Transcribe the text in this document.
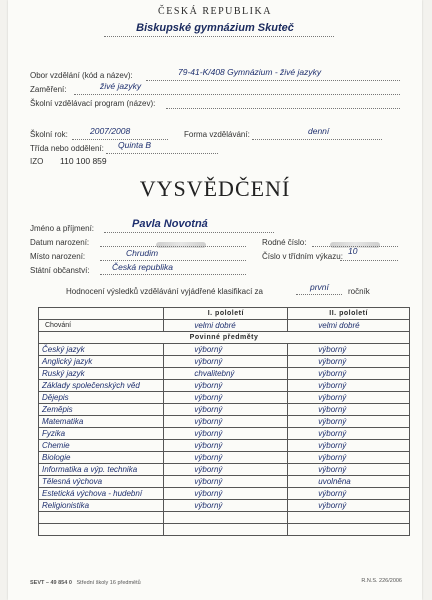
ČESKÁ REPUBLIKA
Biskupské gymnázium Skuteč
Obor vzdělání (kód a název):	79-41-K/408 Gymnázium - živé jazyky
Zaměření:	živé jazyky
Školní vzdělávací program (název):
Školní rok:	2007/2008	Forma vzdělávání:	denní
Třída nebo oddělení: Quinta B
IZO 110 100 859
VYSVĚDČENÍ
Jméno a příjmení:	Pavla Novotná
Datum narození:	Rodné číslo:
Místo narození:	Chrudim	Číslo v třídním výkazu:
10
Státní občanství:	Česká republika
Hodnocení výsledků vzdělávání vyjádřené klasifikací za	první ročník
	I. pololetí	II. pololetí
Chování	velmi dobré	velmi dobré
Povinné předměty		
Český jazyk	výborný	výborný
Anglický jazyk	výborný	výborný
Ruský jazyk	chvalitebný	výborný
Základy společenských věd	výborný	výborný
Dějepis	výborný	výborný
Zeměpis	výborný	výborný
Matematika	výborný	výborný
Fyzika	výborný	výborný
Chemie	výborný	výborný
Biologie	výborný	výborný
Informatika a výp. technika	výborný	výborný
Tělesná výchova	výborný	uvolněna
Estetická výchova - hudební	výborný	výborný
Religionistika	výborný	výborný

SEVT – 49 854 0 Střední školy 16 předmětů	R.N.S. 226/2006
